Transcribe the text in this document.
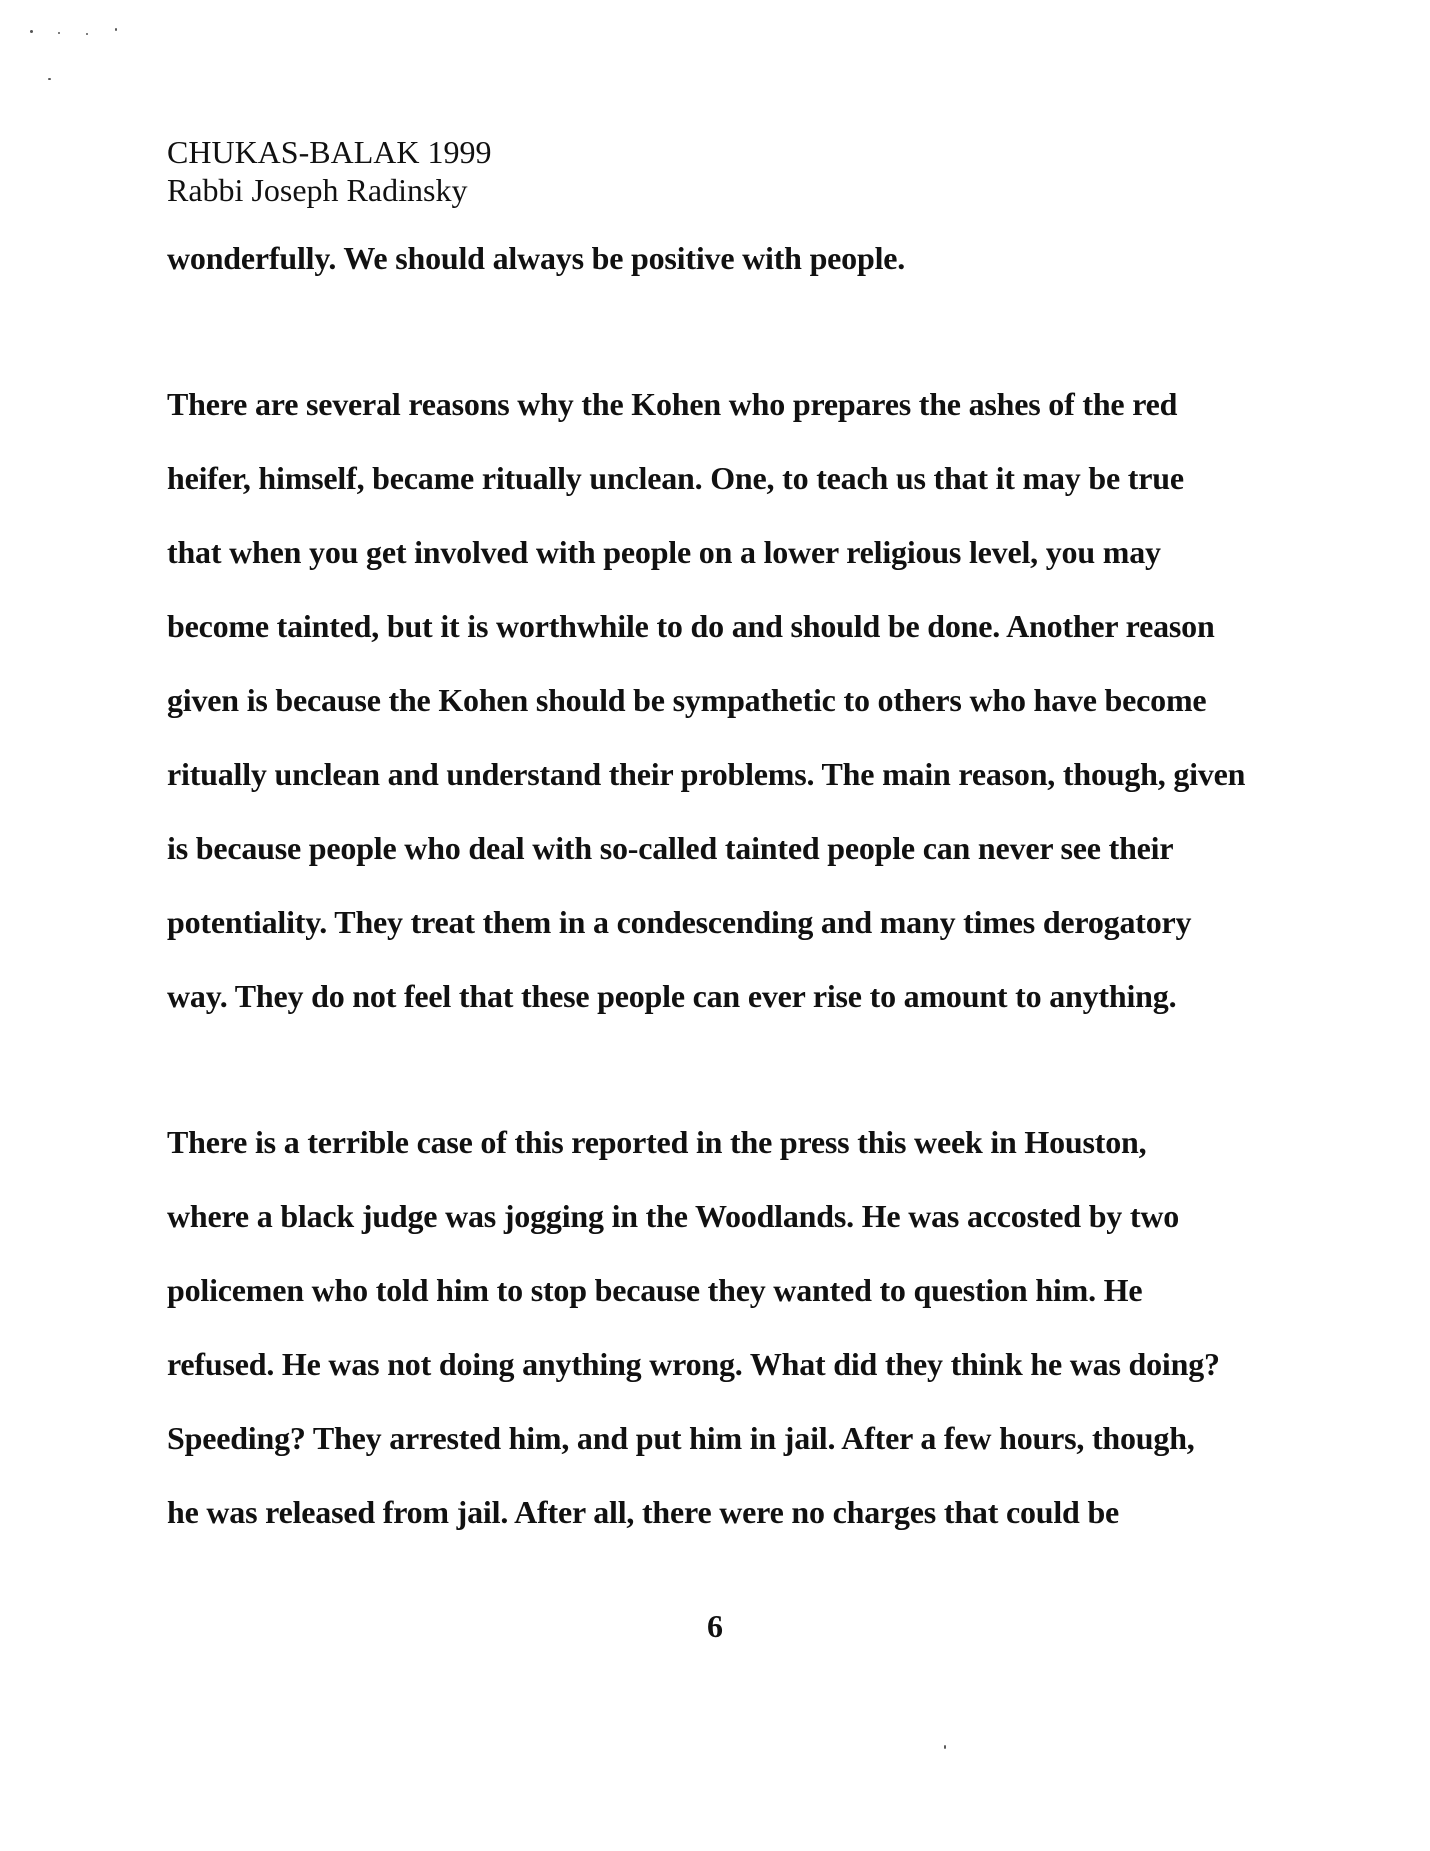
CHUKAS-BALAK 1999
Rabbi Joseph Radinsky
wonderfully. We should always be positive with people.
There are several reasons why the Kohen who prepares the ashes of the red
heifer, himself, became ritually unclean. One, to teach us that it may be true
that when you get involved with people on a lower religious level, you may
become tainted, but it is worthwhile to do and should be done. Another reason
given is because the Kohen should be sympathetic to others who have become
ritually unclean and understand their problems. The main reason, though, given
is because people who deal with so-called tainted people can never see their
potentiality. They treat them in a condescending and many times derogatory
way. They do not feel that these people can ever rise to amount to anything.
There is a terrible case of this reported in the press this week in Houston,
where a black judge was jogging in the Woodlands. He was accosted by two
policemen who told him to stop because they wanted to question him. He
refused. He was not doing anything wrong. What did they think he was doing?
Speeding? They arrested him, and put him in jail. After a few hours, though,
he was released from jail. After all, there were no charges that could be
6
